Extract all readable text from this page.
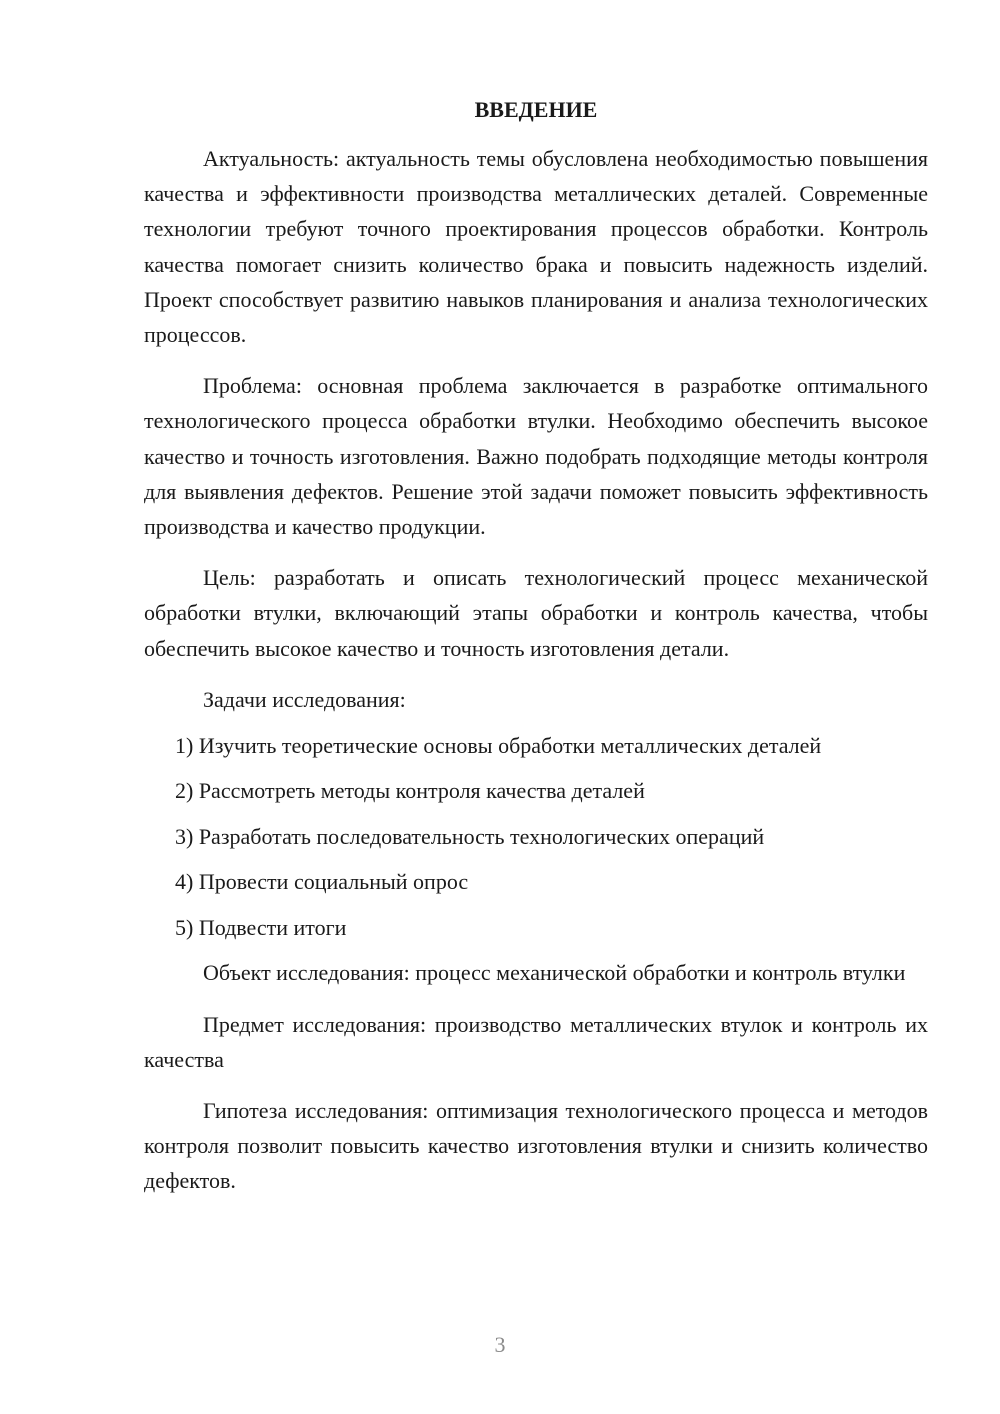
ВВЕДЕНИЕ

Актуальность: актуальность темы обусловлена необходимостью повышения качества и эффективности производства металлических деталей. Современные технологии требуют точного проектирования процессов обработки. Контроль качества помогает снизить количество брака и повысить надежность изделий. Проект способствует развитию навыков планирования и анализа технологических процессов.

Проблема: основная проблема заключается в разработке оптимального технологического процесса обработки втулки. Необходимо обеспечить высокое качество и точность изготовления. Важно подобрать подходящие методы контроля для выявления дефектов. Решение этой задачи поможет повысить эффективность производства и качество продукции.

Цель: разработать и описать технологический процесс механической обработки втулки, включающий этапы обработки и контроль качества, чтобы обеспечить высокое качество и точность изготовления детали.

Задачи исследования:

1) Изучить теоретические основы обработки металлических деталей
2) Рассмотреть методы контроля качества деталей
3) Разработать последовательность технологических операций
4) Провести социальный опрос
5) Подвести итоги

Объект исследования: процесс механической обработки и контроль втулки

Предмет исследования: производство металлических втулок и контроль их качества

Гипотеза исследования: оптимизация технологического процесса и методов контроля позволит повысить качество изготовления втулки и снизить количество дефектов.

3
